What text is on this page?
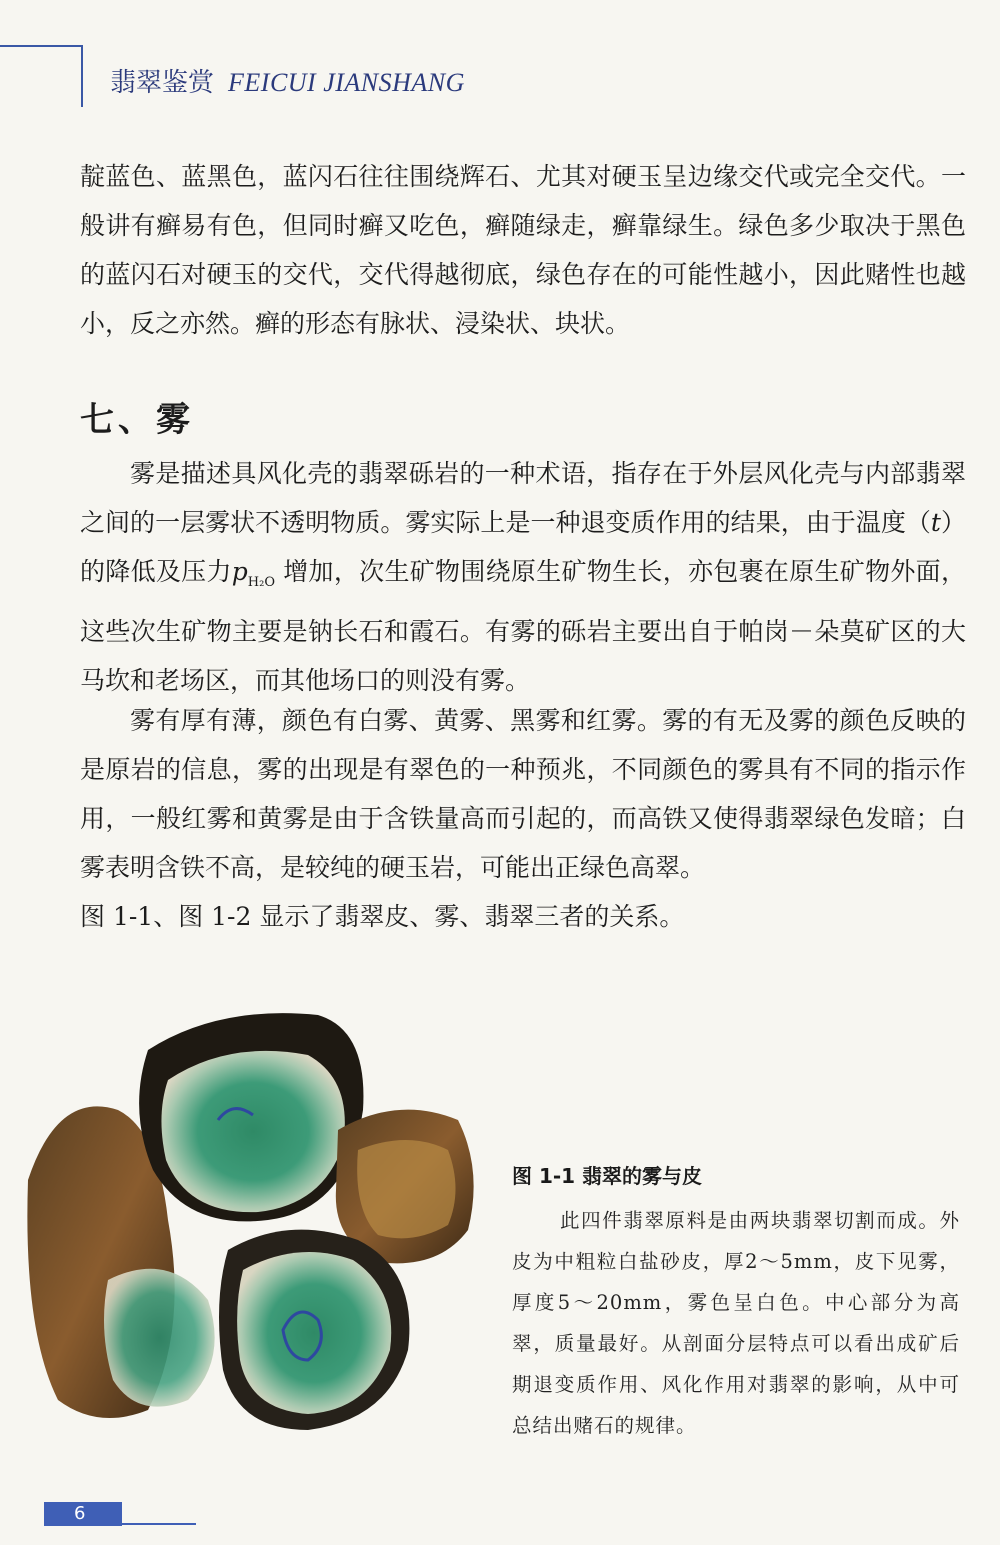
翡翠鉴赏 FEICUI JIANSHANG

靛蓝色、蓝黑色，蓝闪石往往围绕辉石、尤其对硬玉呈边缘交代或完全交代。一般讲有癣易有色，但同时癣又吃色，癣随绿走，癣靠绿生。绿色多少取决于黑色的蓝闪石对硬玉的交代，交代得越彻底，绿色存在的可能性越小，因此赌性也越小，反之亦然。癣的形态有脉状、浸染状、块状。

七、雾

雾是描述具风化壳的翡翠砾岩的一种术语，指存在于外层风化壳与内部翡翠之间的一层雾状不透明物质。雾实际上是一种退变质作用的结果，由于温度（t）的降低及压力$p_{H_2O}$ 增加，次生矿物围绕原生矿物生长，亦包裹在原生矿物外面，这些次生矿物主要是钠长石和霞石。有雾的砾岩主要出自于帕岗－朵莫矿区的大马坎和老场区，而其他场口的则没有雾。

雾有厚有薄，颜色有白雾、黄雾、黑雾和红雾。雾的有无及雾的颜色反映的是原岩的信息，雾的出现是有翠色的一种预兆，不同颜色的雾具有不同的指示作用，一般红雾和黄雾是由于含铁量高而引起的，而高铁又使得翡翠绿色发暗；白雾表明含铁不高，是较纯的硬玉岩，可能出正绿色高翠。
图 1-1、图 1-2 显示了翡翠皮、雾、翡翠三者的关系。
图 1-1 翡翠的雾与皮

此四件翡翠原料是由两块翡翠切割而成。外皮为中粗粒白盐砂皮，厚2～5mm，皮下见雾，厚度5～20mm，雾色呈白色。中心部分为高翠，质量最好。从剖面分层特点可以看出成矿后期退变质作用、风化作用对翡翠的影响，从中可总结出赌石的规律。

6
